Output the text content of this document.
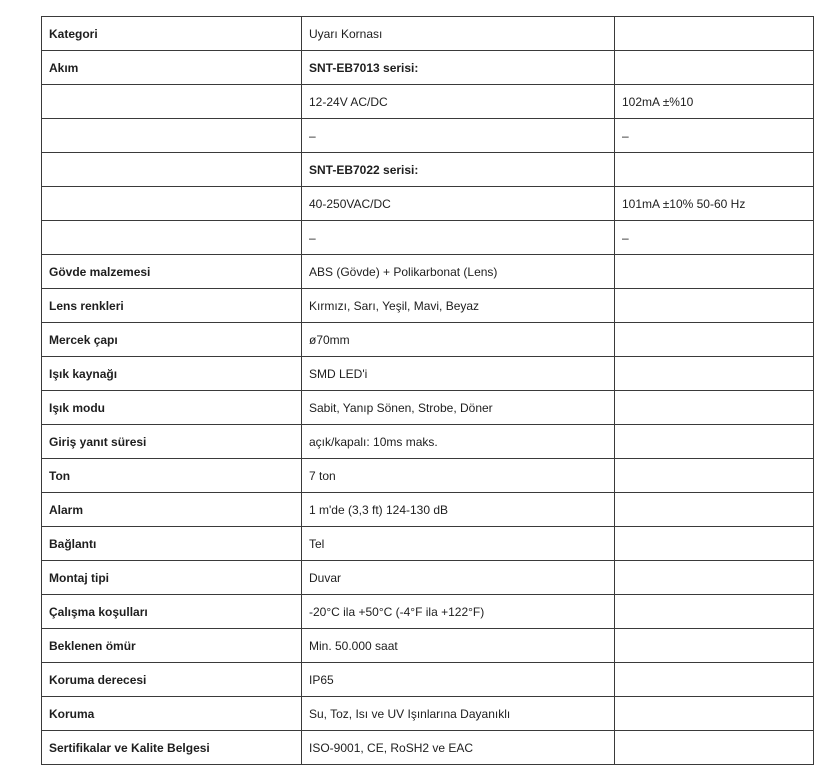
Kategori	Uyarı Kornası	
Akım	SNT-EB7013 serisi:	
	12-24V AC/DC	102mA ±%10
	–	–
	SNT-EB7022 serisi:	
	40-250VAC/DC	101mA ±10% 50-60 Hz
	–	–
Gövde malzemesi	ABS (Gövde) + Polikarbonat (Lens)	
Lens renkleri	Kırmızı, Sarı, Yeşil, Mavi, Beyaz	
Mercek çapı	ø70mm	
Işık kaynağı	SMD LED'i	
Işık modu	Sabit, Yanıp Sönen, Strobe, Döner	
Giriş yanıt süresi	açık/kapalı: 10ms maks.	
Ton	7 ton	
Alarm	1 m'de (3,3 ft) 124-130 dB	
Bağlantı	Tel	
Montaj tipi	Duvar	
Çalışma koşulları	-20°C ila +50°C (-4°F ila +122°F)	
Beklenen ömür	Min. 50.000 saat	
Koruma derecesi	IP65	
Koruma	Su, Toz, Isı ve UV Işınlarına Dayanıklı	
Sertifikalar ve Kalite Belgesi	ISO-9001, CE, RoSH2 ve EAC	
